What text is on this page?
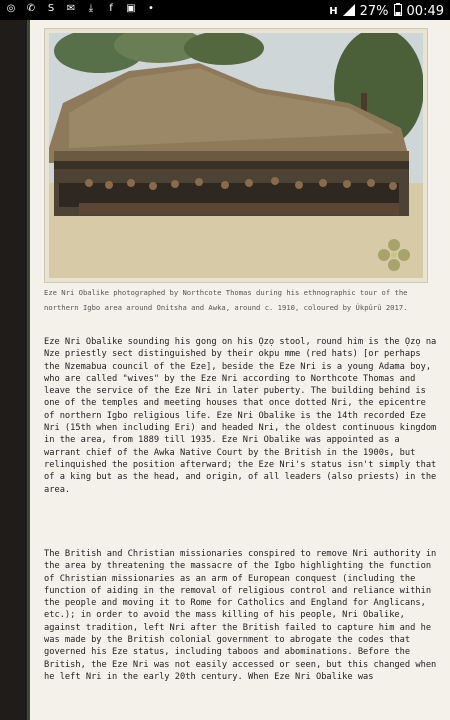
◎ ✆	S	✉	⤓	f	▣	•	H 27% 00:49
Eze Nri Obalike photographed by Northcote Thomas during his ethnographic tour of the northern Igbo area around Onitsha and Awka, around c. 1910, coloured by Úkpȗrȗ 2017.
Eze Nri Obalike sounding his gong on his Ọzọ stool, round him is the Ọzọ na Nze priestly sect distinguished by their okpu mme (red hats) [or perhaps the Nzemabua council of the Eze], beside the Eze Nri is a young Adama boy, who are called "wives" by the Eze Nri according to Northcote Thomas and leave the service of the Eze Nri in later puberty. The building behind is one of the temples and meeting houses that once dotted Nri, the epicentre of northern Igbo religious life. Eze Nri Obalike is the 14th recorded Eze Nri (15th when including Eri) and headed Nri, the oldest continuous kingdom in the area, from 1889 till 1935. Eze Nri Obalike was appointed as a warrant chief of the Awka Native Court by the British in the 1900s, but relinquished the position afterward; the Eze Nri's status isn't simply that of a king but as the head, and origin, of all leaders (also priests) in the area.
The British and Christian missionaries conspired to remove Nri authority in the area by threatening the massacre of the Igbo highlighting the function of Christian missionaries as an arm of European conquest (including the function of aiding in the removal of religious control and reliance within the people and moving it to Rome for Catholics and England for Anglicans, etc.); in order to avoid the mass killing of his people, Nri Obalike, against tradition, left Nri after the British failed to capture him and he was made by the British colonial government to abrogate the codes that governed his Eze status, including taboos and abominations. Before the British, the Eze Nri was not easily accessed or seen, but this changed when he left Nri in the early 20th century. When Eze Nri Obalike was
